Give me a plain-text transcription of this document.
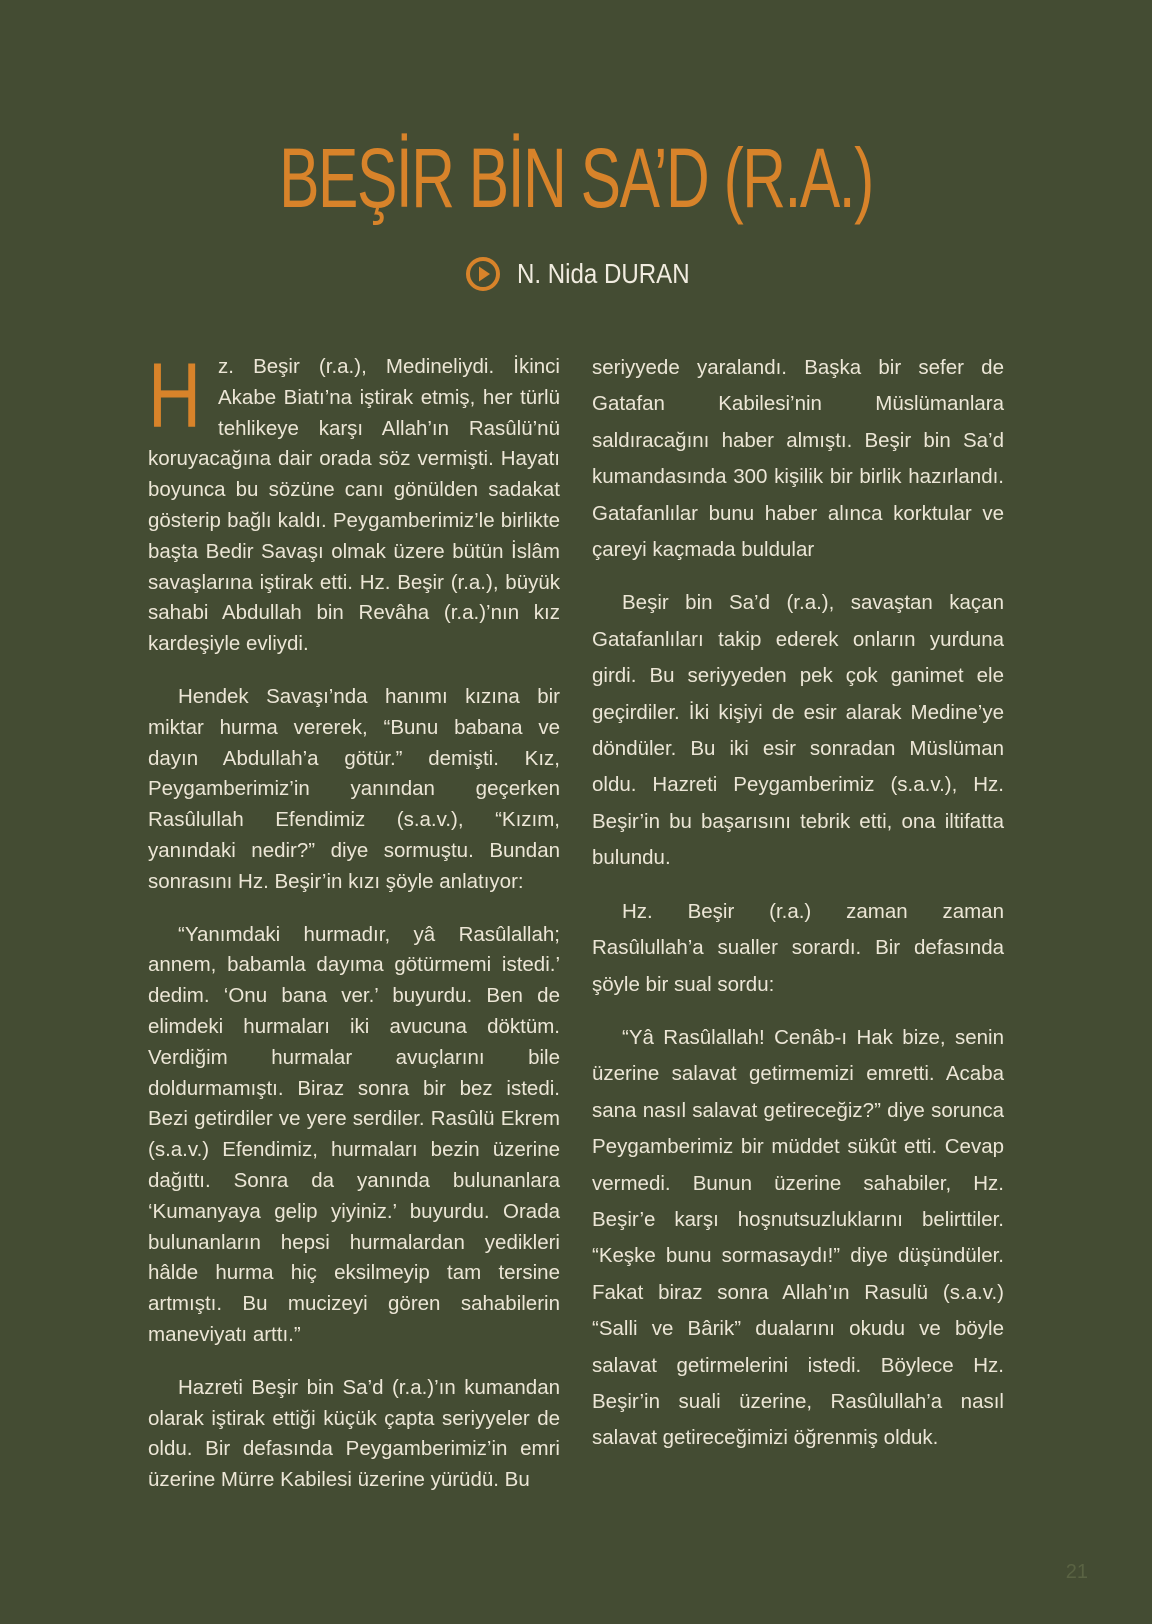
BEŞİR BİN SA’D (R.A.)
N. Nida DURAN

Hz. Beşir (r.a.), Medineliydi. İkinci Akabe Biatı’na iştirak etmiş, her türlü tehlikeye karşı Allah’ın Rasûlü’nü koruyacağına dair orada söz vermişti. Hayatı boyunca bu sözüne canı gönülden sadakat gösterip bağlı kaldı. Peygamberimiz’le birlikte başta Bedir Savaşı olmak üzere bütün İslâm savaşlarına iştirak etti. Hz. Beşir (r.a.), büyük sahabi Abdullah bin Revâha (r.a.)’nın kız kardeşiyle evliydi.

Hendek Savaşı’nda hanımı kızına bir miktar hurma vererek, “Bunu babana ve dayın Abdullah’a götür.” demişti. Kız, Peygamberimiz’in yanından geçerken Rasûlullah Efendimiz (s.a.v.), “Kızım, yanındaki nedir?” diye sormuştu. Bundan sonrasını Hz. Beşir’in kızı şöyle anlatıyor:

“Yanımdaki hurmadır, yâ Rasûlallah; annem, babamla dayıma götürmemi istedi.’ dedim. ‘Onu bana ver.’ buyurdu. Ben de elimdeki hurmaları iki avucuna döktüm. Verdiğim hurmalar avuçlarını bile doldurmamıştı. Biraz sonra bir bez istedi. Bezi getirdiler ve yere serdiler. Rasûlü Ekrem (s.a.v.) Efendimiz, hurmaları bezin üzerine dağıttı. Sonra da yanında bulunanlara ‘Kumanyaya gelip yiyiniz.’ buyurdu. Orada bulunanların hepsi hurmalardan yedikleri hâlde hurma hiç eksilmeyip tam tersine artmıştı. Bu mucizeyi gören sahabilerin maneviyatı arttı.”

Hazreti Beşir bin Sa’d (r.a.)’ın kumandan olarak iştirak ettiği küçük çapta seriyyeler de oldu. Bir defasında Peygamberimiz’in emri üzerine Mürre Kabilesi üzerine yürüdü. Bu

seriyyede yaralandı. Başka bir sefer de Gatafan Kabilesi’nin Müslümanlara saldıracağını haber almıştı. Beşir bin Sa’d kumandasında 300 kişilik bir birlik hazırlandı. Gatafanlılar bunu haber alınca korktular ve çareyi kaçmada buldular

Beşir bin Sa’d (r.a.), savaştan kaçan Gatafanlıları takip ederek onların yurduna girdi. Bu seriyyeden pek çok ganimet ele geçirdiler. İki kişiyi de esir alarak Medine’ye döndüler. Bu iki esir sonradan Müslüman oldu. Hazreti Peygamberimiz (s.a.v.), Hz. Beşir’in bu başarısını tebrik etti, ona iltifatta bulundu.

Hz. Beşir (r.a.) zaman zaman Rasûlullah’a sualler sorardı. Bir defasında şöyle bir sual sordu:

“Yâ Rasûlallah! Cenâb-ı Hak bize, senin üzerine salavat getirmemizi emretti. Acaba sana nasıl salavat getireceğiz?” diye sorunca Peygamberimiz bir müddet sükût etti. Cevap vermedi. Bunun üzerine sahabiler, Hz. Beşir’e karşı hoşnutsuzluklarını belirttiler. “Keşke bunu sormasaydı!” diye düşündüler. Fakat biraz sonra Allah’ın Rasulü (s.a.v.) “Salli ve Bârik” dualarını okudu ve böyle salavat getirmelerini istedi. Böylece Hz. Beşir’in suali üzerine, Rasûlullah’a nasıl salavat getireceğimizi öğrenmiş olduk.

21
